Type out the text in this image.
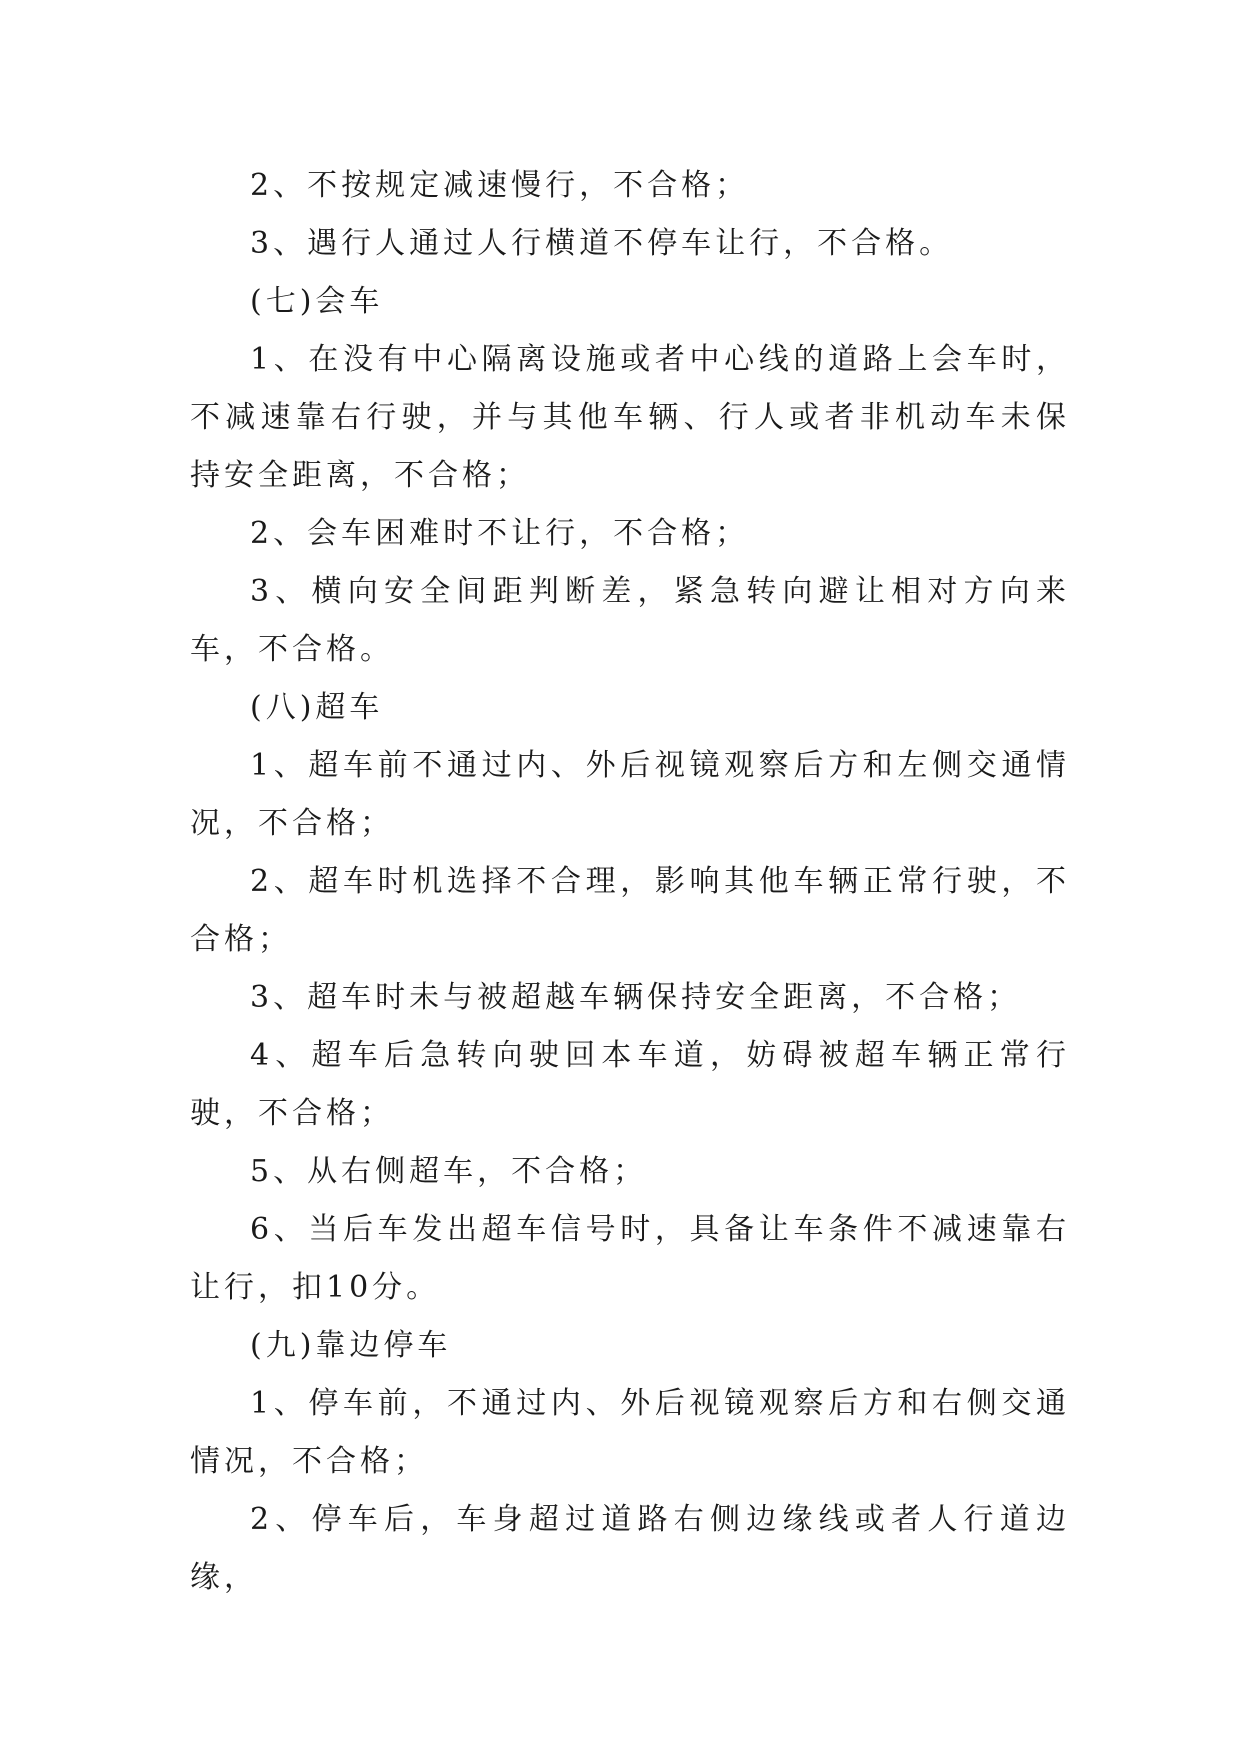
2、不按规定减速慢行，不合格；

3、遇行人通过人行横道不停车让行，不合格。

(七)会车

1、在没有中心隔离设施或者中心线的道路上会车时，不减速靠右行驶，并与其他车辆、行人或者非机动车未保持安全距离，不合格；

2、会车困难时不让行，不合格；

3、横向安全间距判断差，紧急转向避让相对方向来车，不合格。

(八)超车

1、超车前不通过内、外后视镜观察后方和左侧交通情况，不合格；

2、超车时机选择不合理，影响其他车辆正常行驶，不合格；

3、超车时未与被超越车辆保持安全距离，不合格；

4、超车后急转向驶回本车道，妨碍被超车辆正常行驶，不合格；

5、从右侧超车，不合格；

6、当后车发出超车信号时，具备让车条件不减速靠右让行，扣10分。

(九)靠边停车

1、停车前，不通过内、外后视镜观察后方和右侧交通情况，不合格；

2、停车后，车身超过道路右侧边缘线或者人行道边缘，
